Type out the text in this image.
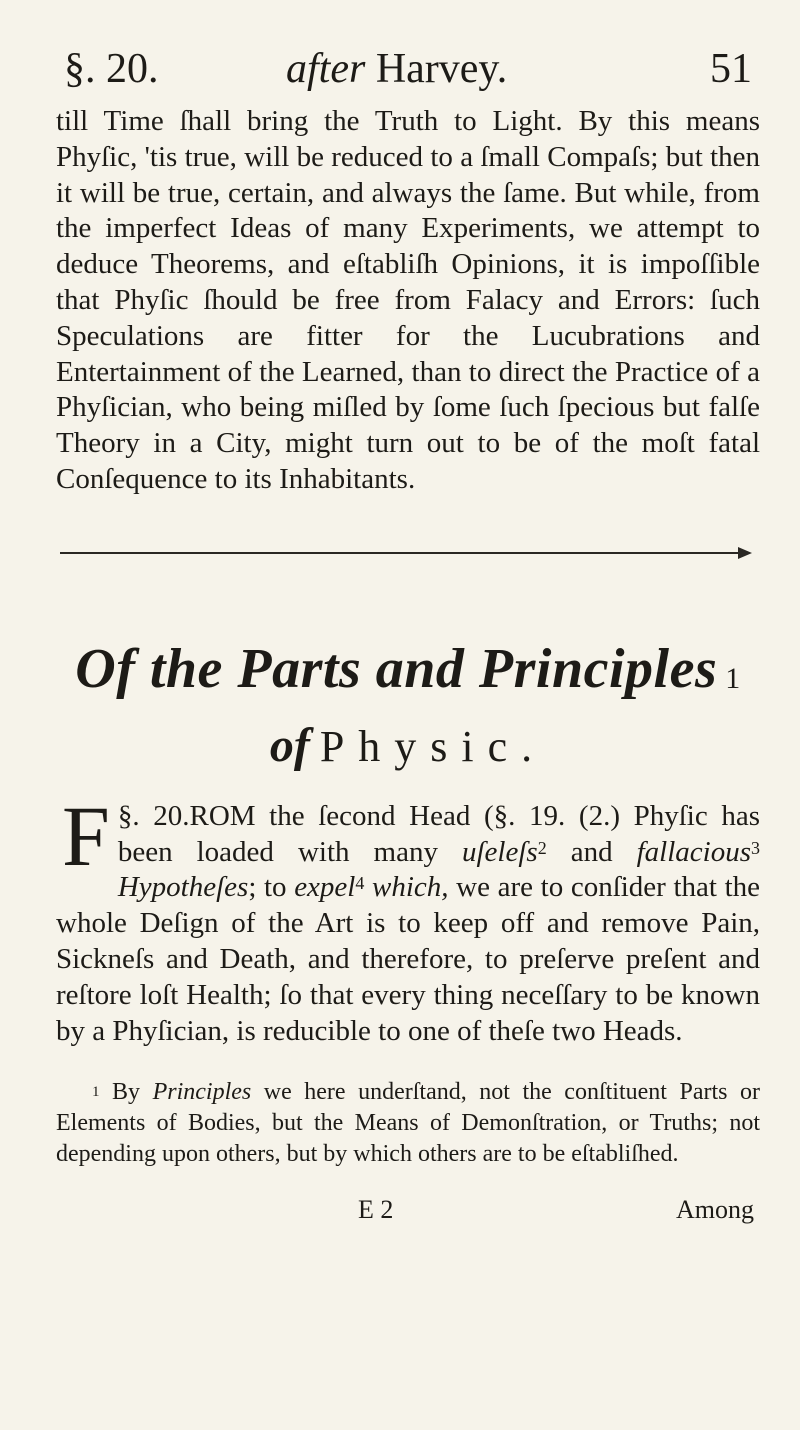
§. 20.	after Harvey.	51

till Time ſhall bring the Truth to Light. By this means Phyſic, 'tis true, will be reduced to a ſmall Compaſs; but then it will be true, certain, and always the ſame. But while, from the imperfect Ideas of many Experiments, we attempt to deduce Theorems, and eſtabliſh Opinions, it is impoſſible that Phyſic ſhould be free from Falacy and Errors: ſuch Speculations are fitter for the Lucubrations and Entertainment of the Learned, than to direct the Practice of a Phyſician, who being miſled by ſome ſuch ſpecious but falſe Theory in a City, might turn out to be of the moſt fatal Conſequence to its Inhabitants.

Of the Parts and Principles $^1$
of Physic.

§. 20.
F	ROM the ſecond Head (§. 19. (2.) Phyſic has been loaded with many uſeleſs$^2$ and fallacious$^3$ Hypotheſes; to expel$^4$ which, we are to conſider that the whole Deſign of the Art is to keep off and remove Pain, Sickneſs and Death, and therefore, to preſerve preſent and reſtore loſt Health; ſo that every thing neceſſary to be known by a Phyſician, is reducible to one of theſe two Heads.

$^1$ By Principles we here underſtand, not the conſtituent Parts or Elements of Bodies, but the Means of Demonſtration, or Truths; not depending upon others, but by which others are to be eſtabliſhed.

E 2	Among
